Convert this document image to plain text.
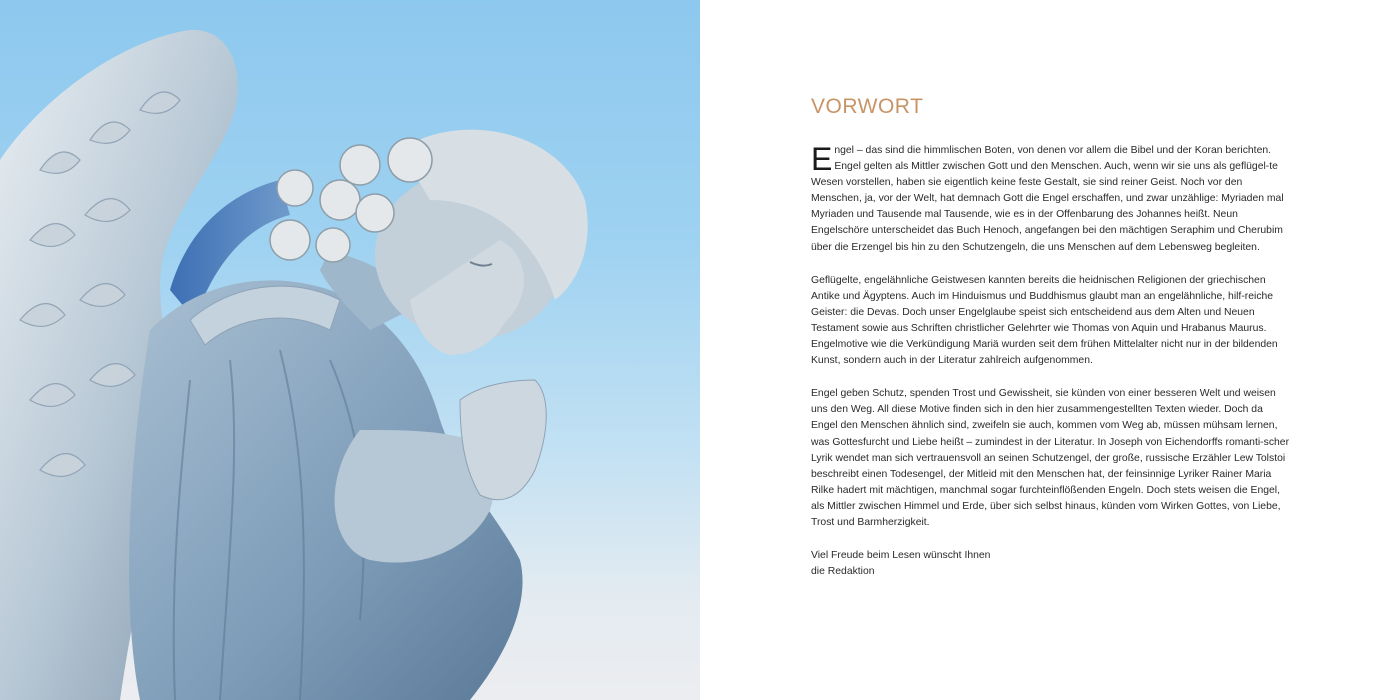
VORWORT

Engel – das sind die himmlischen Boten, von denen vor allem die Bibel und der Koran berichten. Engel gelten als Mittler zwischen Gott und den Menschen. Auch, wenn wir sie uns als geflügel-te Wesen vorstellen, haben sie eigentlich keine feste Gestalt, sie sind reiner Geist. Noch vor den Menschen, ja, vor der Welt, hat demnach Gott die Engel erschaffen, und zwar unzählige: Myriaden mal Myriaden und Tausende mal Tausende, wie es in der Offenbarung des Johannes heißt. Neun Engelschöre unterscheidet das Buch Henoch, angefangen bei den mächtigen Seraphim und Cherubim über die Erzengel bis hin zu den Schutzengeln, die uns Menschen auf dem Lebensweg begleiten.

Geflügelte, engelähnliche Geistwesen kannten bereits die heidnischen Religionen der griechischen Antike und Ägyptens. Auch im Hinduismus und Buddhismus glaubt man an engelähnliche, hilf-reiche Geister: die Devas. Doch unser Engelglaube speist sich entscheidend aus dem Alten und Neuen Testament sowie aus Schriften christlicher Gelehrter wie Thomas von Aquin und Hrabanus Maurus. Engelmotive wie die Verkündigung Mariä wurden seit dem frühen Mittelalter nicht nur in der bildenden Kunst, sondern auch in der Literatur zahlreich aufgenommen.

Engel geben Schutz, spenden Trost und Gewissheit, sie künden von einer besseren Welt und weisen uns den Weg. All diese Motive finden sich in den hier zusammengestellten Texten wieder. Doch da Engel den Menschen ähnlich sind, zweifeln sie auch, kommen vom Weg ab, müssen mühsam lernen, was Gottesfurcht und Liebe heißt – zumindest in der Literatur. In Joseph von Eichendorffs romanti-scher Lyrik wendet man sich vertrauensvoll an seinen Schutzengel, der große, russische Erzähler Lew Tolstoi beschreibt einen Todesengel, der Mitleid mit den Menschen hat, der feinsinnige Lyriker Rainer Maria Rilke hadert mit mächtigen, manchmal sogar furchteinflößenden Engeln. Doch stets weisen die Engel, als Mittler zwischen Himmel und Erde, über sich selbst hinaus, künden vom Wirken Gottes, von Liebe, Trost und Barmherzigkeit.

Viel Freude beim Lesen wünscht Ihnen
die Redaktion
